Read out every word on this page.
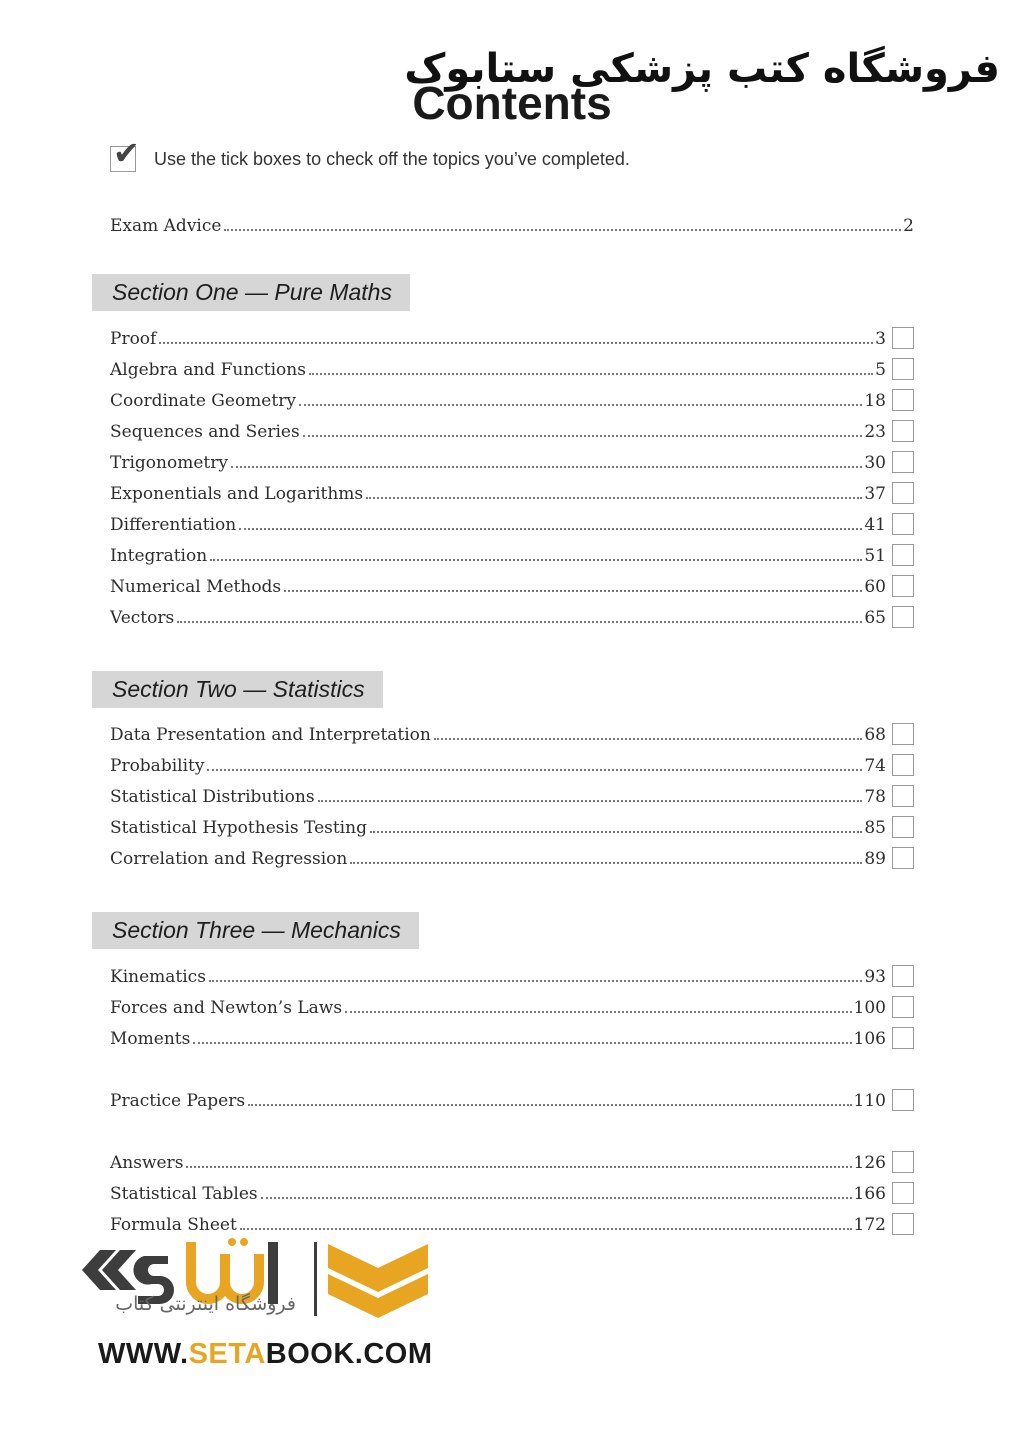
فروشگاه کتب پزشکی ستابوک
Contents
✔ Use the tick boxes to check off the topics you’ve completed.
Exam Advice	2
Section One — Pure Maths
Proof	3
Algebra and Functions	5
Coordinate Geometry	18
Sequences and Series	23
Trigonometry	30
Exponentials and Logarithms	37
Differentiation	41
Integration	51
Numerical Methods	60
Vectors	65
Section Two — Statistics
Data Presentation and Interpretation	68
Probability	74
Statistical Distributions	78
Statistical Hypothesis Testing	85
Correlation and Regression	89
Section Three — Mechanics
Kinematics	93
Forces and Newton’s Laws	100
Moments	106
Practice Papers	110
Answers	126
Statistical Tables	166
Formula Sheet	172
فروشگاه اینترنتی کتاب
WWW.SETABOOK.COM
